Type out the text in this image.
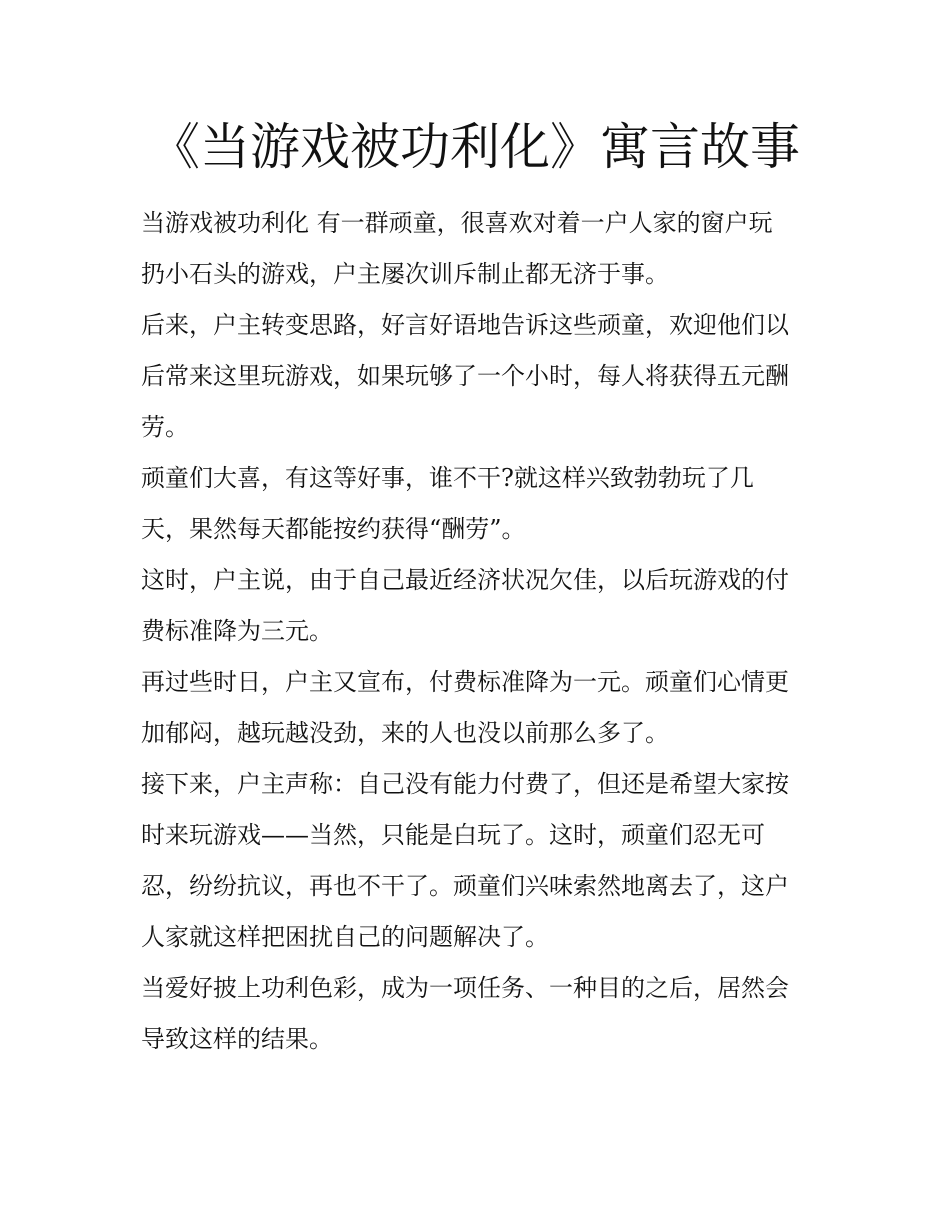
《当游戏被功利化》寓言故事

当游戏被功利化 有一群顽童，很喜欢对着一户人家的窗户玩
扔小石头的游戏，户主屡次训斥制止都无济于事。

后来，户主转变思路，好言好语地告诉这些顽童，欢迎他们以
后常来这里玩游戏，如果玩够了一个小时，每人将获得五元酬
劳。

顽童们大喜，有这等好事，谁不干?就这样兴致勃勃玩了几
天，果然每天都能按约获得“酬劳”。

这时，户主说，由于自己最近经济状况欠佳，以后玩游戏的付
费标准降为三元。

再过些时日，户主又宣布，付费标准降为一元。顽童们心情更
加郁闷，越玩越没劲，来的人也没以前那么多了。

接下来，户主声称：自己没有能力付费了，但还是希望大家按
时来玩游戏——当然，只能是白玩了。这时，顽童们忍无可
忍，纷纷抗议，再也不干了。顽童们兴味索然地离去了，这户
人家就这样把困扰自己的问题解决了。

当爱好披上功利色彩，成为一项任务、一种目的之后，居然会
导致这样的结果。
